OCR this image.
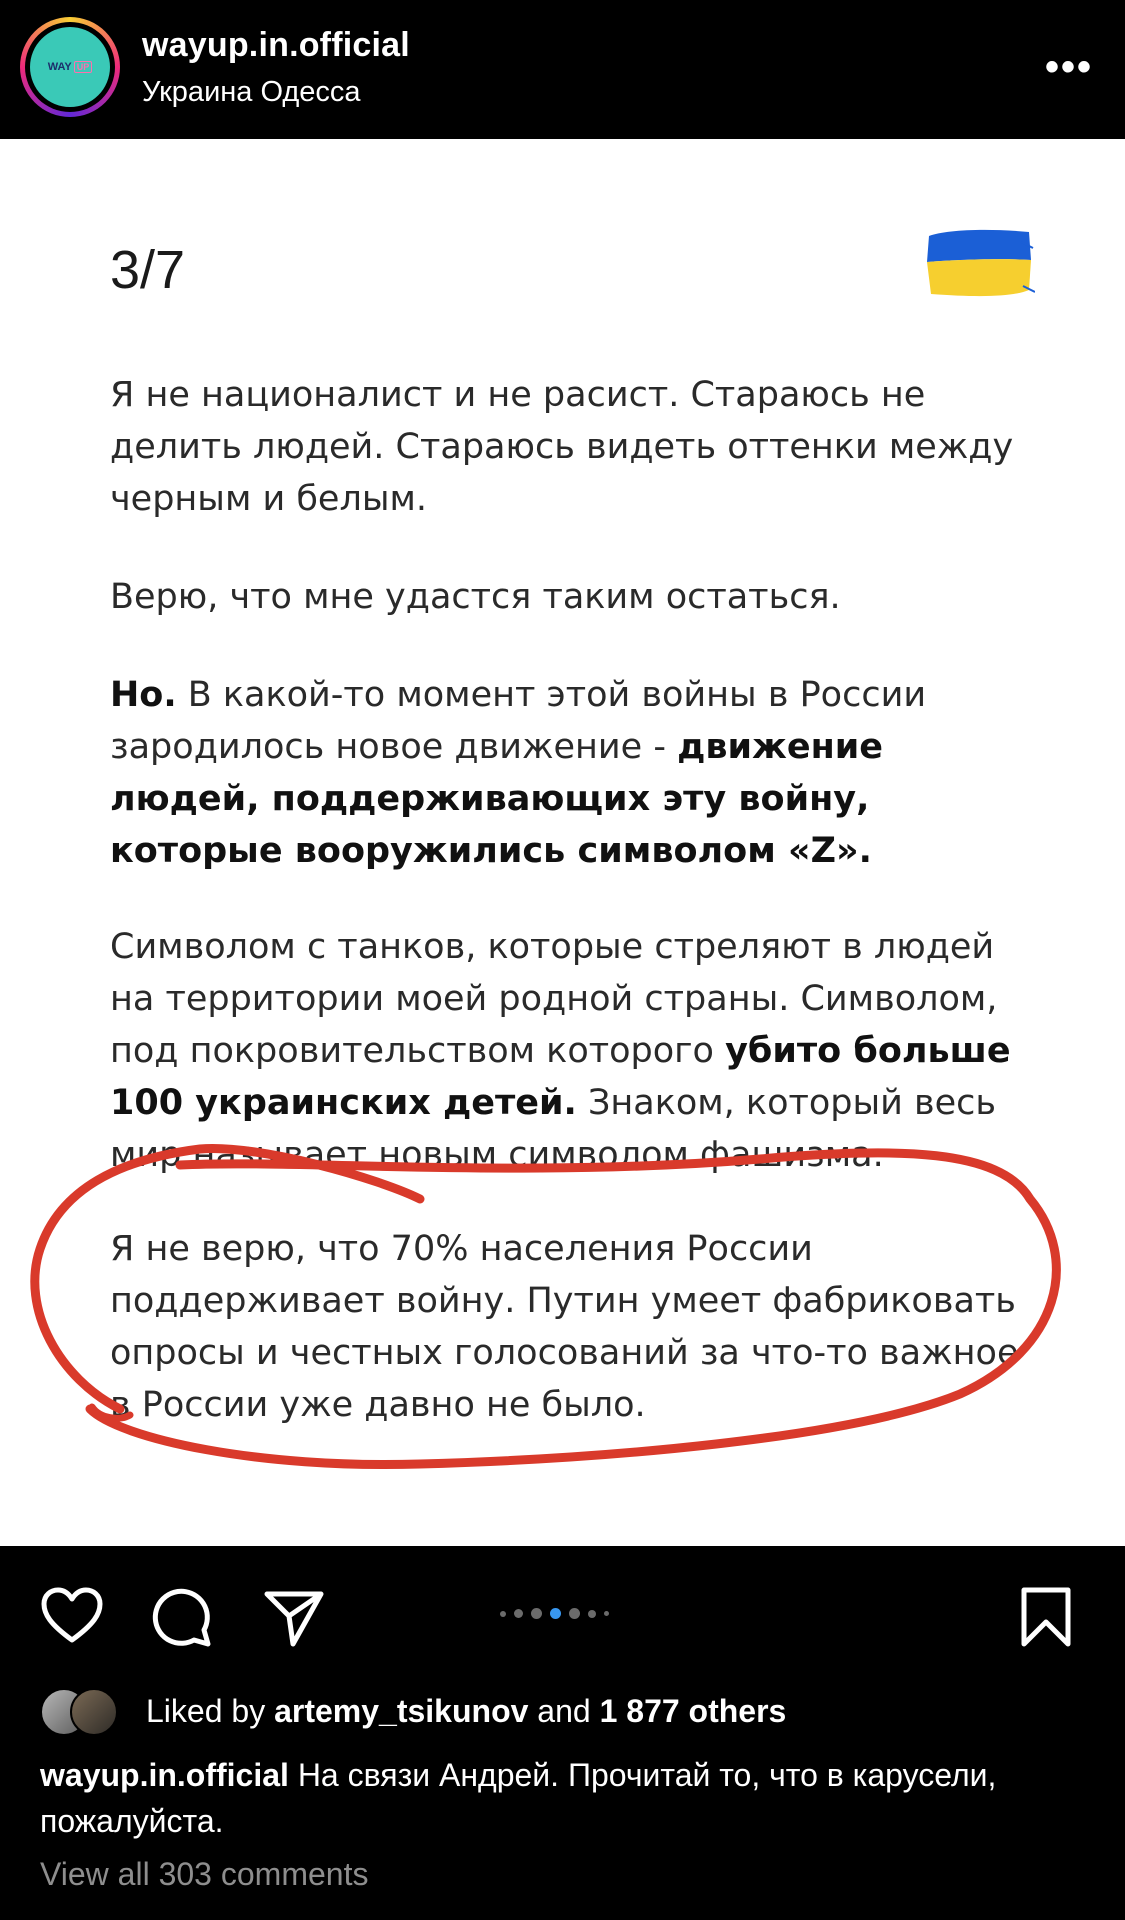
WAY UP
wayup.in.official
Украина Одесса
•••
3/7
Я не националист и не расист. Стараюсь не делить людей. Стараюсь видеть оттенки между черным и белым.
Верю, что мне удастся таким остаться.
Но. В какой-то момент этой войны в России зародилось новое движение - движение людей, поддерживающих эту войну, которые вооружились символом «Z».
Символом с танков, которые стреляют в людей на территории моей родной страны. Символом, под покровительством которого убито больше 100 украинских детей. Знаком, который весь мир называет новым символом фашизма.
Я не верю, что 70% населения России поддерживает войну. Путин умеет фабриковать опросы и честных голосований за что-то важное в России уже давно не было.
Liked by artemy_tsikunov and 1 877 others
wayup.in.official На связи Андрей. Прочитай то, что в карусели, пожалуйста.
View all 303 comments
